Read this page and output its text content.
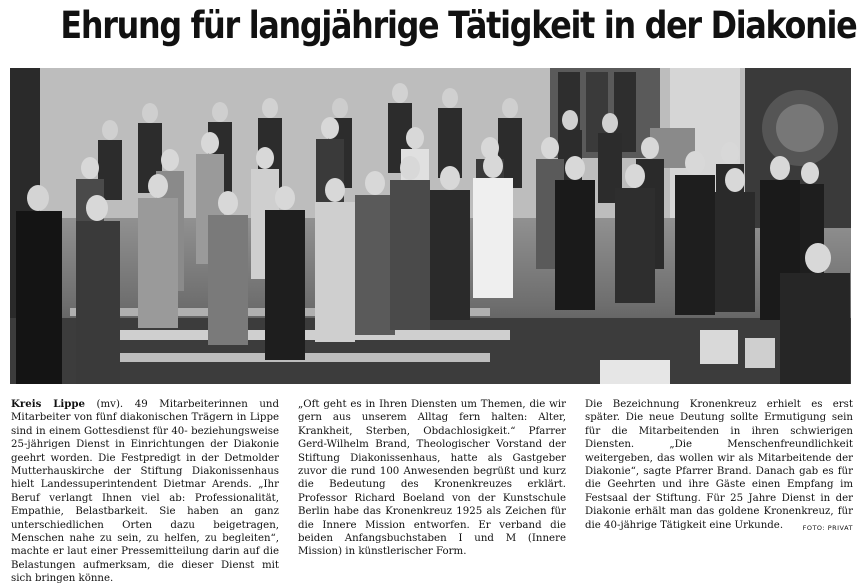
Ehrung für langjährige Tätigkeit in der Diakonie
Kreis Lippe (mv). 49 Mitarbeiterinnen und Mitarbeiter von fünf diakonischen Trägern in Lippe sind in einem Gottesdienst für 40- beziehungsweise 25-jährigen Dienst in Einrichtungen der Diakonie geehrt worden. Die Festpredigt in der Detmolder Mutterhauskirche der Stiftung Diakonissenhaus hielt Landessuperintendent Dietmar Arends. „Ihr Beruf verlangt Ihnen viel ab: Professionalität, Empathie, Belastbarkeit. Sie haben an ganz unterschiedlichen Orten dazu beigetragen, Menschen nahe zu sein, zu helfen, zu begleiten“, machte er laut einer Pressemitteilung darin auf die Belastungen aufmerksam, die dieser Dienst mit sich bringen könne.
„Oft geht es in Ihren Diensten um Themen, die wir gern aus unserem Alltag fern halten: Alter, Krankheit, Sterben, Obdachlosigkeit.“ Pfarrer Gerd-Wilhelm Brand, Theologischer Vorstand der Stiftung Diakonissenhaus, hatte als Gastgeber zuvor die rund 100 Anwesenden begrüßt und kurz die Bedeutung des Kronenkreuzes erklärt. Professor Richard Boeland von der Kunstschule Berlin habe das Kronenkreuz 1925 als Zeichen für die Innere Mission entworfen. Er verband die beiden Anfangsbuchstaben I und M (Innere Mission) in künstlerischer Form.
Die Bezeichnung Kronenkreuz erhielt es erst später. Die neue Deutung sollte Ermutigung sein für die Mitarbeitenden in ihren schwierigen Diensten. „Die Menschenfreundlichkeit weitergeben, das wollen wir als Mitarbeitende der Diakonie“, sagte Pfarrer Brand. Danach gab es für die Geehrten und ihre Gäste einen Empfang im Festsaal der Stiftung. Für 25 Jahre Dienst in der Diakonie erhält man das goldene Kronenkreuz, für die 40-jährige Tätigkeit eine Urkunde.	FOTO: PRIVAT
